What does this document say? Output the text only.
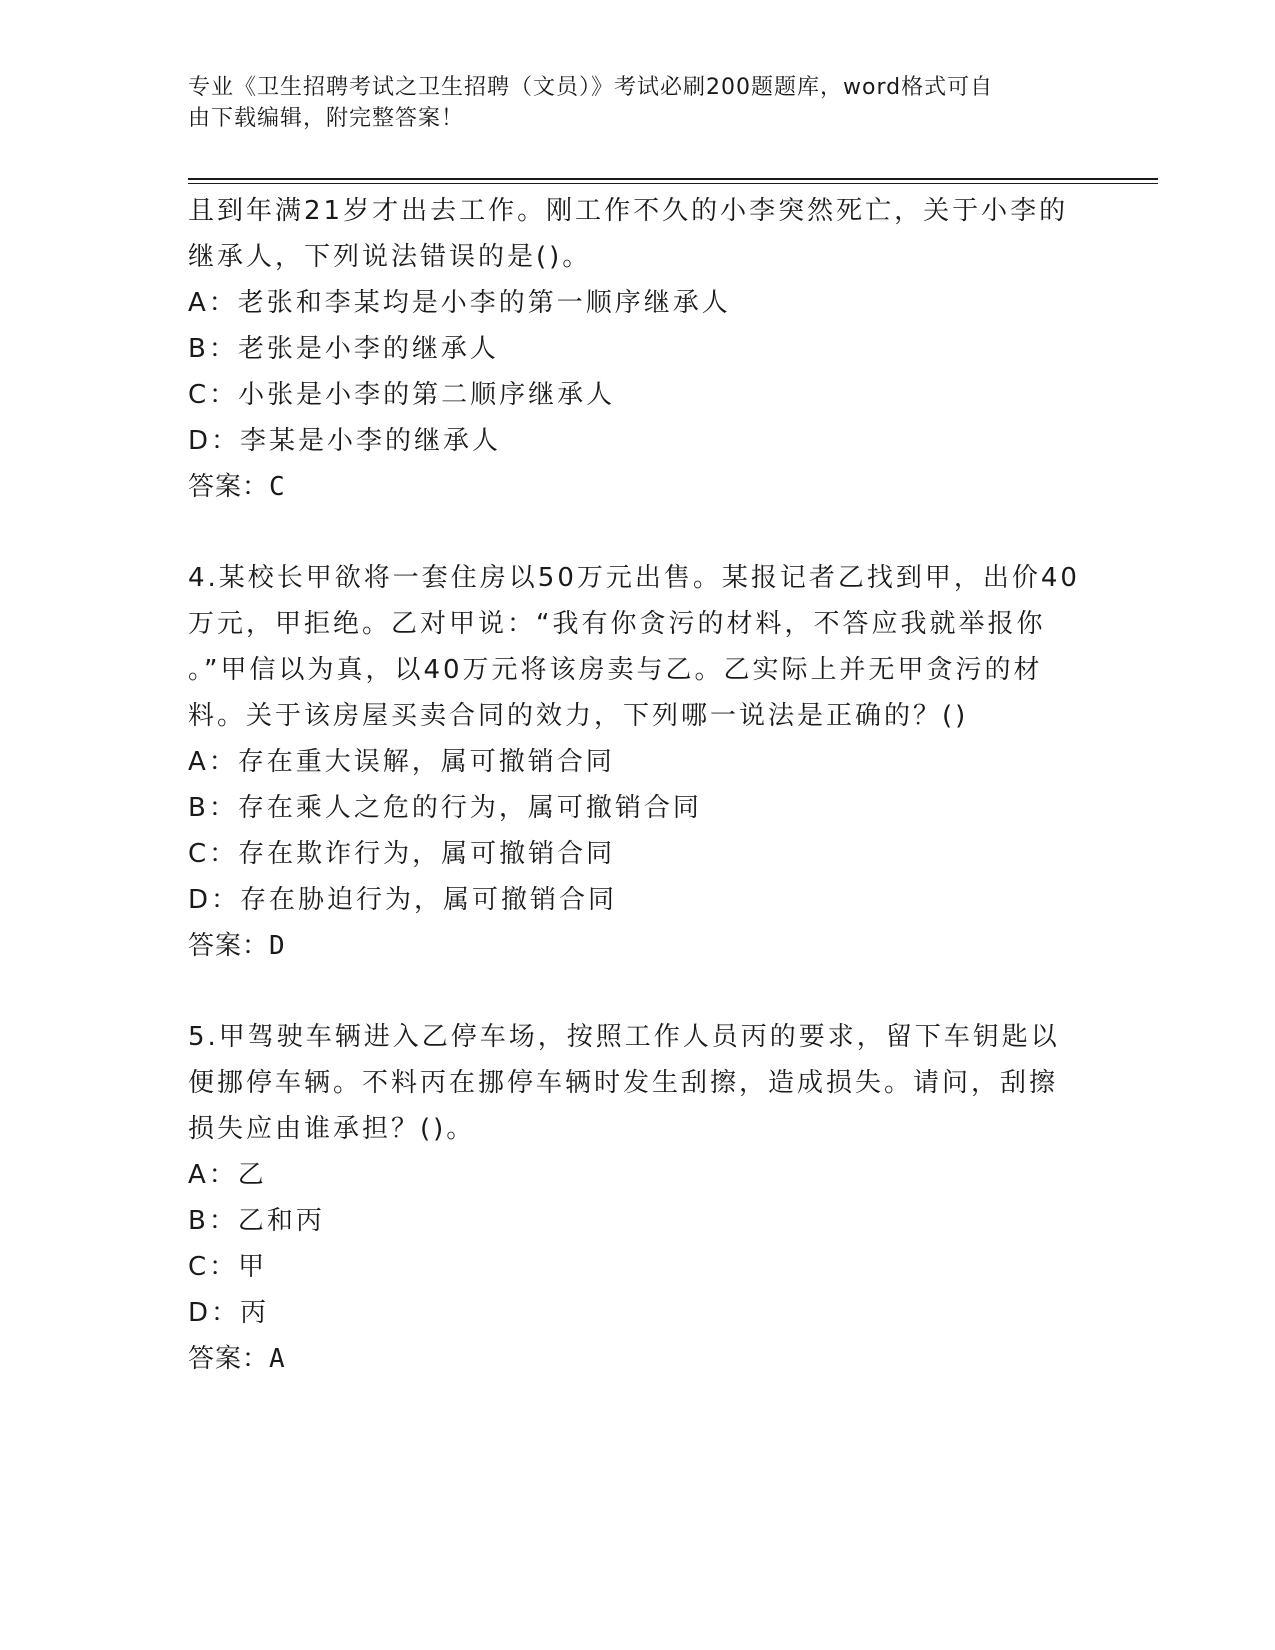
专业《卫生招聘考试之卫生招聘（文员）》考试必刷200题题库，word格式可自
由下载编辑，附完整答案！
且到年满21岁才出去工作。刚工作不久的小李突然死亡，关于小李的
继承人，下列说法错误的是()。
A：老张和李某均是小李的第一顺序继承人
B：老张是小李的继承人
C：小张是小李的第二顺序继承人
D：李某是小李的继承人
答案：C
4.某校长甲欲将一套住房以50万元出售。某报记者乙找到甲，出价40
万元，甲拒绝。乙对甲说：“我有你贪污的材料，不答应我就举报你
。”甲信以为真，以40万元将该房卖与乙。乙实际上并无甲贪污的材
料。关于该房屋买卖合同的效力，下列哪一说法是正确的？()
A：存在重大误解，属可撤销合同
B：存在乘人之危的行为，属可撤销合同
C：存在欺诈行为，属可撤销合同
D：存在胁迫行为，属可撤销合同
答案：D
5.甲驾驶车辆进入乙停车场，按照工作人员丙的要求，留下车钥匙以
便挪停车辆。不料丙在挪停车辆时发生刮擦，造成损失。请问，刮擦
损失应由谁承担？()。
A：乙
B：乙和丙
C：甲
D：丙
答案：A
